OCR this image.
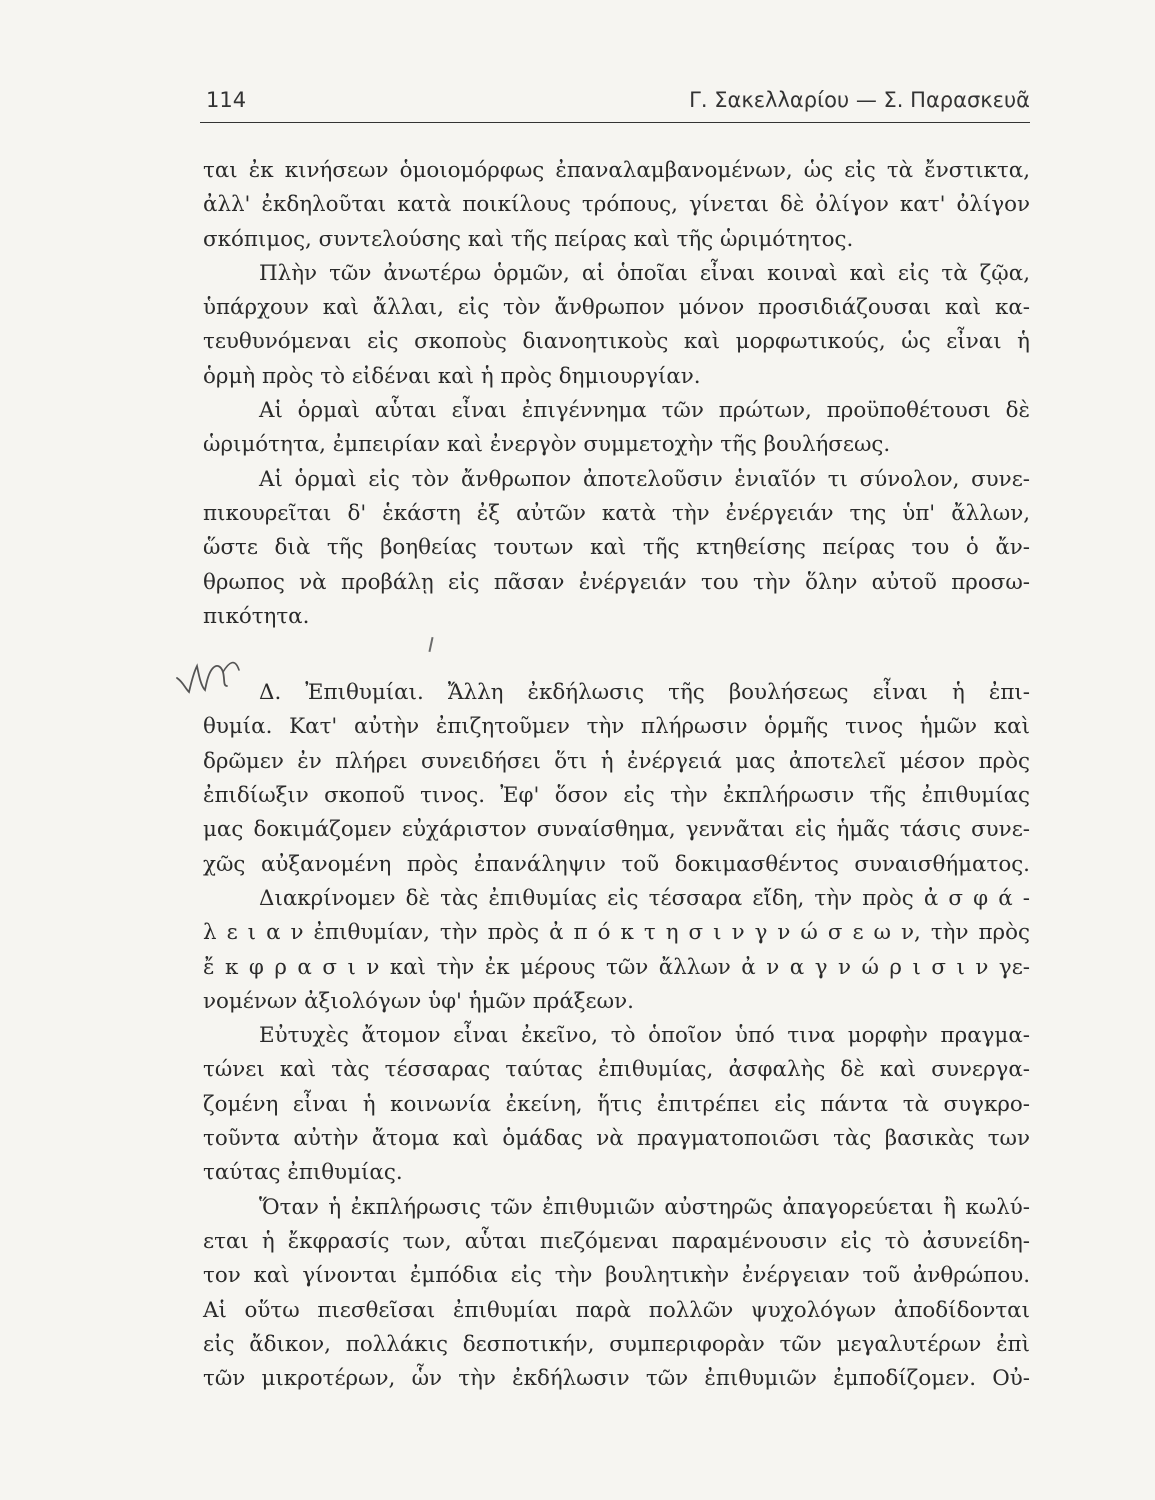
114	Γ. Σακελλαρίου — Σ. Παρασκευᾶ
ται ἐκ κινήσεων ὁμοιομόρφως ἐπαναλαμβανομένων, ὡς εἰς τὰ ἔνστικτα,
ἀλλ' ἐκδηλοῦται κατὰ ποικίλους τρόπους, γίνεται δὲ ὀλίγον κατ' ὀλίγον
σκόπιμος, συντελούσης καὶ τῆς πείρας καὶ τῆς ὡριμότητος.
Πλὴν τῶν ἀνωτέρω ὁρμῶν, αἱ ὁποῖαι εἶναι κοιναὶ καὶ εἰς τὰ ζῷα,
ὑπάρχουν καὶ ἄλλαι, εἰς τὸν ἄνθρωπον μόνον προσιδιάζουσαι καὶ κα-
τευθυνόμεναι εἰς σκοποὺς διανοητικοὺς καὶ μορφωτικούς, ὡς εἶναι ἡ
ὁρμὴ πρὸς τὸ εἰδέναι καὶ ἡ πρὸς δημιουργίαν.
Αἱ ὁρμαὶ αὗται εἶναι ἐπιγέννημα τῶν πρώτων, προϋποθέτουσι δὲ
ὡριμότητα, ἐμπειρίαν καὶ ἐνεργὸν συμμετοχὴν τῆς βουλήσεως.
Αἱ ὁρμαὶ εἰς τὸν ἄνθρωπον ἀποτελοῦσιν ἑνιαῖόν τι σύνολον, συνε-
πικουρεῖται δ' ἑκάστη ἐξ αὐτῶν κατὰ τὴν ἐνέργειάν της ὑπ' ἄλλων,
ὥστε διὰ τῆς βοηθείας τουτων καὶ τῆς κτηθείσης πείρας του ὁ ἄν-
θρωπος νὰ προβάλῃ εἰς πᾶσαν ἐνέργειάν του τὴν ὅλην αὐτοῦ προσω-
πικότητα.
Δ. Ἐπιθυμίαι. Ἄλλη ἐκδήλωσις τῆς βουλήσεως εἶναι ἡ ἐπι-
θυμία. Κατ' αὐτὴν ἐπιζητοῦμεν τὴν πλήρωσιν ὁρμῆς τινος ἡμῶν καὶ
δρῶμεν ἐν πλήρει συνειδήσει ὅτι ἡ ἐνέργειά μας ἀποτελεῖ μέσον πρὸς
ἐπιδίωξιν σκοποῦ τινος. Ἐφ' ὅσον εἰς τὴν ἐκπλήρωσιν τῆς ἐπιθυμίας
μας δοκιμάζομεν εὐχάριστον συναίσθημα, γεννᾶται εἰς ἡμᾶς τάσις συνε-
χῶς αὐξανομένη πρὸς ἐπανάληψιν τοῦ δοκιμασθέντος συναισθήματος.
Διακρίνομεν δὲ τὰς ἐπιθυμίας εἰς τέσσαρα εἴδη, τὴν πρὸς ἀ σ φ ά -
λ ε ι α ν ἐπιθυμίαν, τὴν πρὸς ἀ π ό κ τ η σ ι ν γ ν ώ σ ε ω ν, τὴν πρὸς
ἔ κ φ ρ α σ ι ν καὶ τὴν ἐκ μέρους τῶν ἄλλων ἀ ν α γ ν ώ ρ ι σ ι ν γε-
νομένων ἀξιολόγων ὑφ' ἡμῶν πράξεων.
Εὐτυχὲς ἄτομον εἶναι ἐκεῖνο, τὸ ὁποῖον ὑπό τινα μορφὴν πραγμα-
τώνει καὶ τὰς τέσσαρας ταύτας ἐπιθυμίας, ἀσφαλὴς δὲ καὶ συνεργα-
ζομένη εἶναι ἡ κοινωνία ἐκείνη, ἥτις ἐπιτρέπει εἰς πάντα τὰ συγκρο-
τοῦντα αὐτὴν ἄτομα καὶ ὁμάδας νὰ πραγματοποιῶσι τὰς βασικὰς των
ταύτας ἐπιθυμίας.
Ὅταν ἡ ἐκπλήρωσις τῶν ἐπιθυμιῶν αὐστηρῶς ἀπαγορεύεται ἢ κωλύ-
εται ἡ ἔκφρασίς των, αὗται πιεζόμεναι παραμένουσιν εἰς τὸ ἀσυνείδη-
τον καὶ γίνονται ἐμπόδια εἰς τὴν βουλητικὴν ἐνέργειαν τοῦ ἀνθρώπου.
Αἱ οὕτω πιεσθεῖσαι ἐπιθυμίαι παρὰ πολλῶν ψυχολόγων ἀποδίδονται
εἰς ἄδικον, πολλάκις δεσποτικήν, συμπεριφορὰν τῶν μεγαλυτέρων ἐπὶ
τῶν μικροτέρων, ὧν τὴν ἐκδήλωσιν τῶν ἐπιθυμιῶν ἐμποδίζομεν. Οὐ-
